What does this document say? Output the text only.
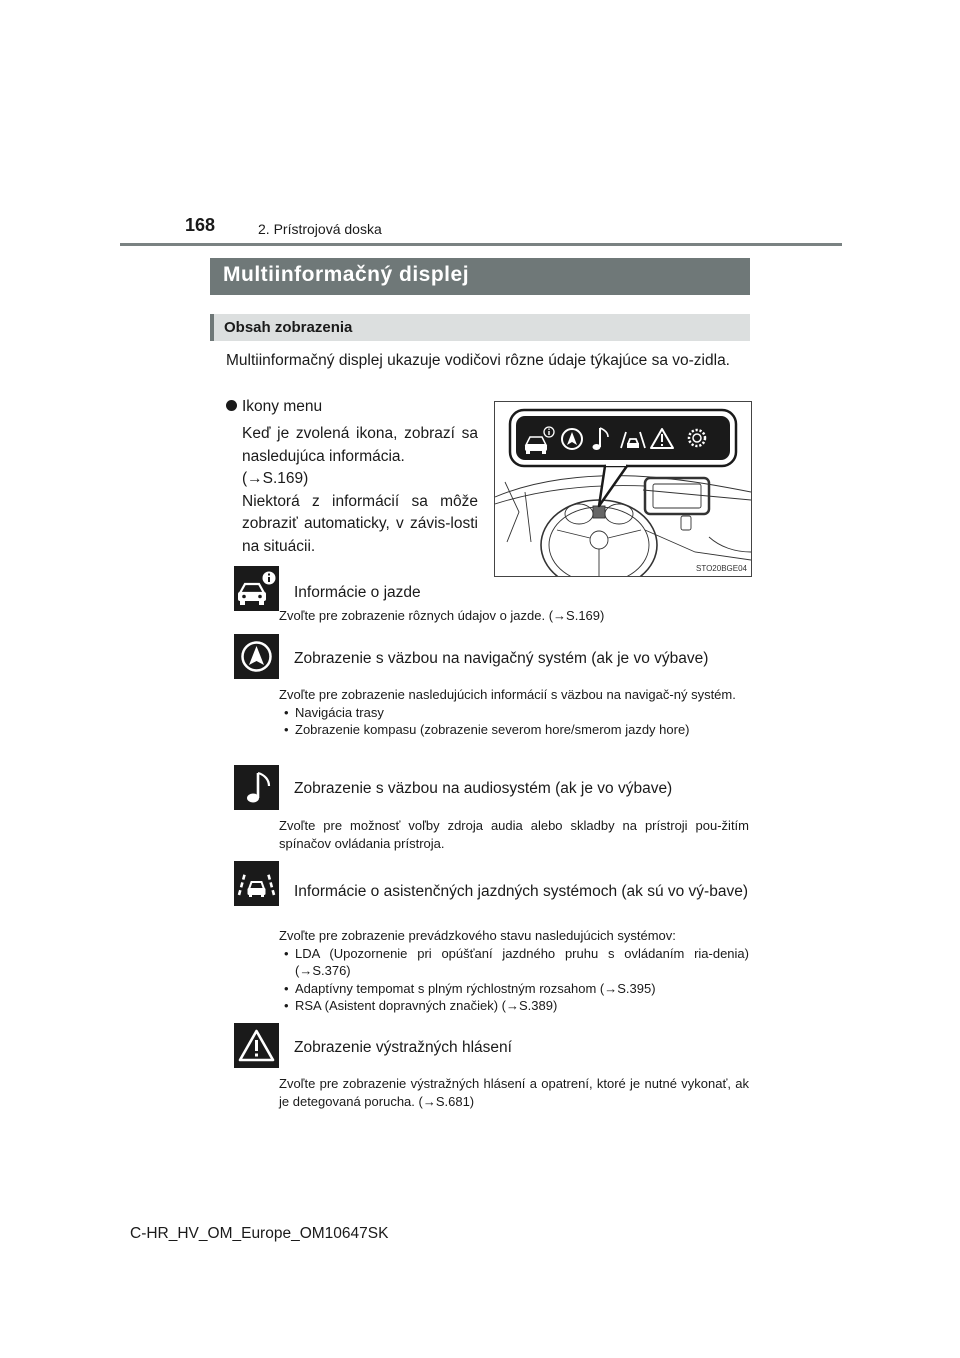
168	2. Prístrojová doska
Multiinformačný displej
Obsah zobrazenia
Multiinformačný displej ukazuje vodičovi rôzne údaje týkajúce sa vo-zidla.
Ikony menu
Keď je zvolená ikona, zobrazí sa nasledujúca informácia.
(→S.169)
Niektorá z informácií sa môže zobraziť automaticky, v závis-losti na situácii.
STO20BGE04
Informácie o jazde
Zvoľte pre zobrazenie rôznych údajov o jazde. (→S.169)
Zobrazenie s väzbou na navigačný systém (ak je vo výbave)
Zvoľte pre zobrazenie nasledujúcich informácií s väzbou na navigač-ný systém.
• Navigácia trasy
• Zobrazenie kompasu (zobrazenie severom hore/smerom jazdy hore)
Zobrazenie s väzbou na audiosystém (ak je vo výbave)
Zvoľte pre možnosť voľby zdroja audia alebo skladby na prístroji pou-žitím spínačov ovládania prístroja.
Informácie o asistenčných jazdných systémoch (ak sú vo vý-bave)
Zvoľte pre zobrazenie prevádzkového stavu nasledujúcich systémov:
• LDA (Upozornenie pri opúšťaní jazdného pruhu s ovládaním ria-denia) (→S.376)
• Adaptívny tempomat s plným rýchlostným rozsahom (→S.395)
• RSA (Asistent dopravných značiek) (→S.389)
Zobrazenie výstražných hlásení
Zvoľte pre zobrazenie výstražných hlásení a opatrení, ktoré je nutné vykonať, ak je detegovaná porucha. (→S.681)
C-HR_HV_OM_Europe_OM10647SK
